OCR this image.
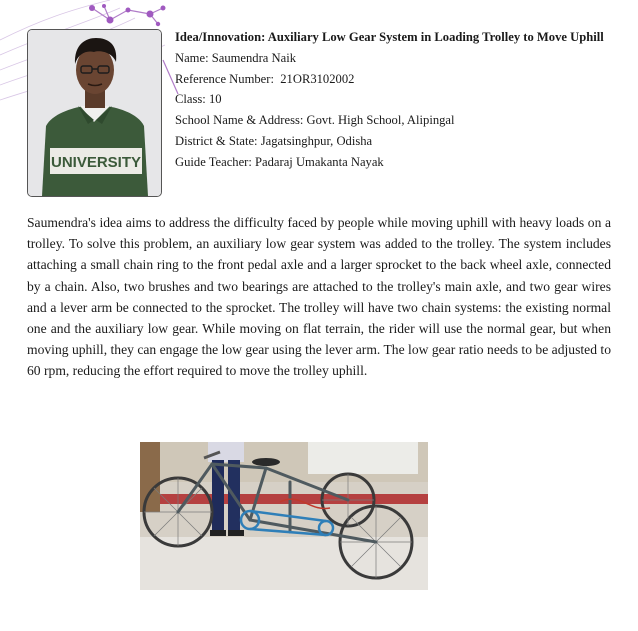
UNIVERSITY
Idea/Innovation: Auxiliary Low Gear System in Loading Trolley to Move Uphill
Name: Saumendra Naik
Reference Number: 21OR3102002
Class: 10
School Name & Address: Govt. High School, Alipingal
District & State: Jagatsinghpur, Odisha
Guide Teacher: Padaraj Umakanta Nayak
Saumendra's idea aims to address the difficulty faced by people while moving uphill with heavy loads on a trolley. To solve this problem, an auxiliary low gear system was added to the trolley. The system includes attaching a small chain ring to the front pedal axle and a larger sprocket to the back wheel axle, connected by a chain. Also, two brushes and two bearings are attached to the trolley's main axle, and two gear wires and a lever arm be connected to the sprocket. The trolley will have two chain systems: the existing normal one and the auxiliary low gear. While moving on flat terrain, the rider will use the normal gear, but when moving uphill, they can engage the low gear using the lever arm. The low gear ratio needs to be adjusted to 60 rpm, reducing the effort required to move the trolley uphill.
